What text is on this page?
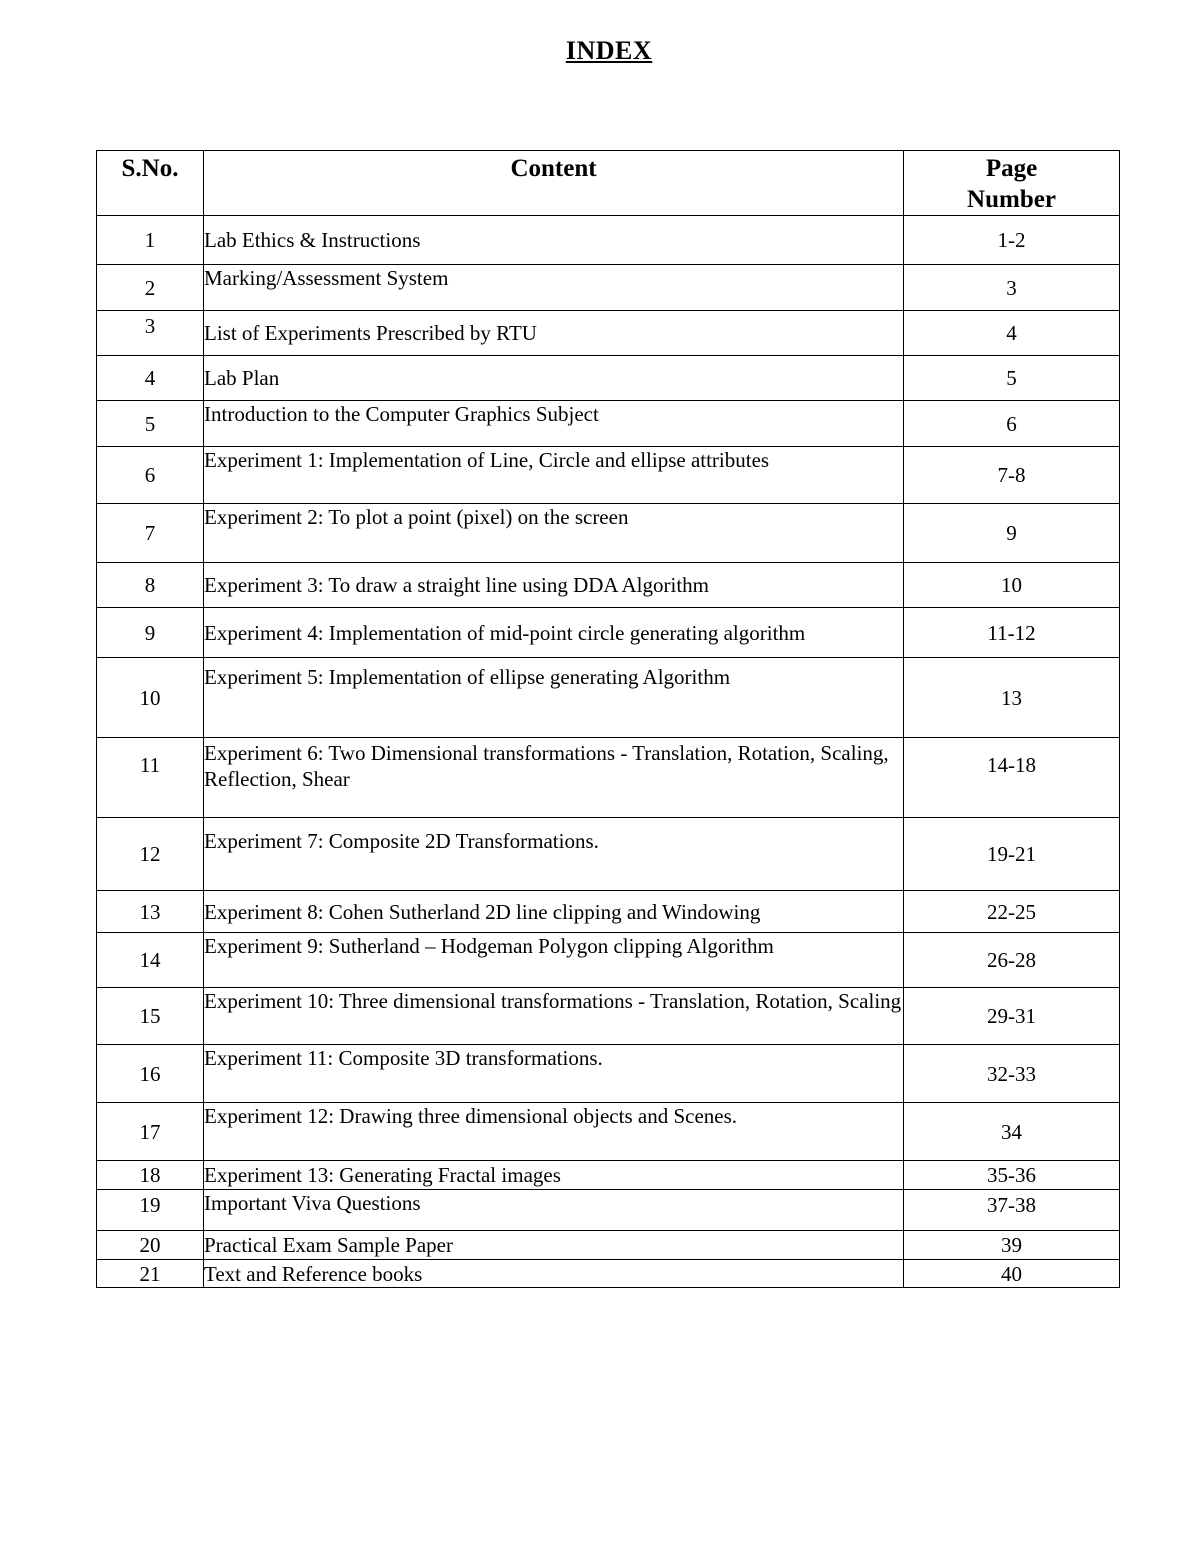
INDEX
S.No.	Content	Page Number
1	Lab Ethics & Instructions	1-2
2	Marking/Assessment System	3
3	List of Experiments Prescribed by RTU	4
4	Lab Plan	5
5	Introduction to the Computer Graphics Subject	6
6	Experiment 1: Implementation of Line, Circle and ellipse attributes	7-8
7	Experiment 2: To plot a point (pixel) on the screen	9
8	Experiment 3: To draw a straight line using DDA Algorithm	10
9	Experiment 4: Implementation of mid-point circle generating algorithm	11-12
10	Experiment 5: Implementation of ellipse generating Algorithm	13
11	Experiment 6: Two Dimensional transformations - Translation, Rotation, Scaling, Reflection, Shear	14-18
12	Experiment 7: Composite 2D Transformations.	19-21
13	Experiment 8: Cohen Sutherland 2D line clipping and Windowing	22-25
14	Experiment 9: Sutherland – Hodgeman Polygon clipping Algorithm	26-28
15	Experiment 10: Three dimensional transformations - Translation, Rotation, Scaling	29-31
16	Experiment 11: Composite 3D transformations.	32-33
17	Experiment 12: Drawing three dimensional objects and Scenes.	34
18	Experiment 13: Generating Fractal images	35-36
19	Important Viva Questions	37-38
20	Practical Exam Sample Paper	39
21	Text and Reference books	40
